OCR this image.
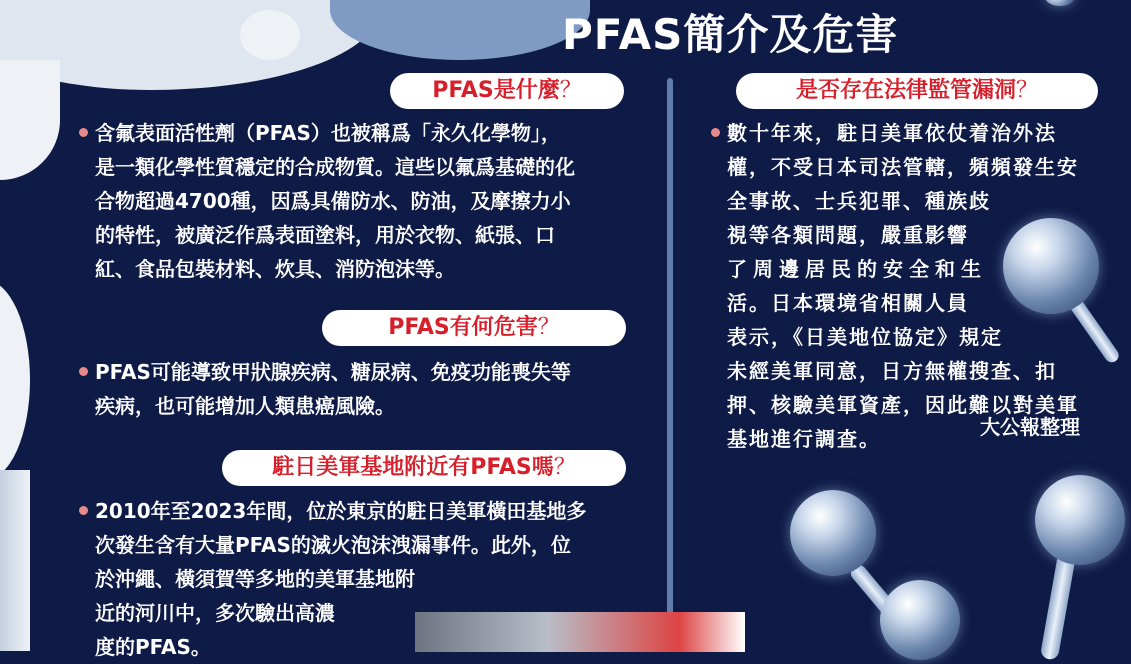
PFAS簡介及危害
PFAS是什麼？
含氟表面活性劑（PFAS）也被稱爲「永久化學物」，
是一類化學性質穩定的合成物質。這些以氟爲基礎的化
合物超過4700種，因爲具備防水、防油，及摩擦力小
的特性，被廣泛作爲表面塗料，用於衣物、紙張、口
紅、食品包裝材料、炊具、消防泡沫等。
PFAS有何危害？
PFAS可能導致甲狀腺疾病、糖尿病、免疫功能喪失等
疾病，也可能增加人類患癌風險。
駐日美軍基地附近有PFAS嗎？
2010年至2023年間，位於東京的駐日美軍橫田基地多
次發生含有大量PFAS的滅火泡沫洩漏事件。此外，位
於沖繩、橫須賀等多地的美軍基地附
近的河川中，多次驗出高濃
度的PFAS。
是否存在法律監管漏洞？
數十年來，駐日美軍依仗着治外法
權，不受日本司法管轄，頻頻發生安
全事故、士兵犯罪、種族歧
視等各類問題，嚴重影響
了周邊居民的安全和生
活。日本環境省相關人員
表示，《日美地位協定》規定
未經美軍同意，日方無權搜查、扣
押、核驗美軍資產，因此難以對美軍
基地進行調查。	大公報整理
